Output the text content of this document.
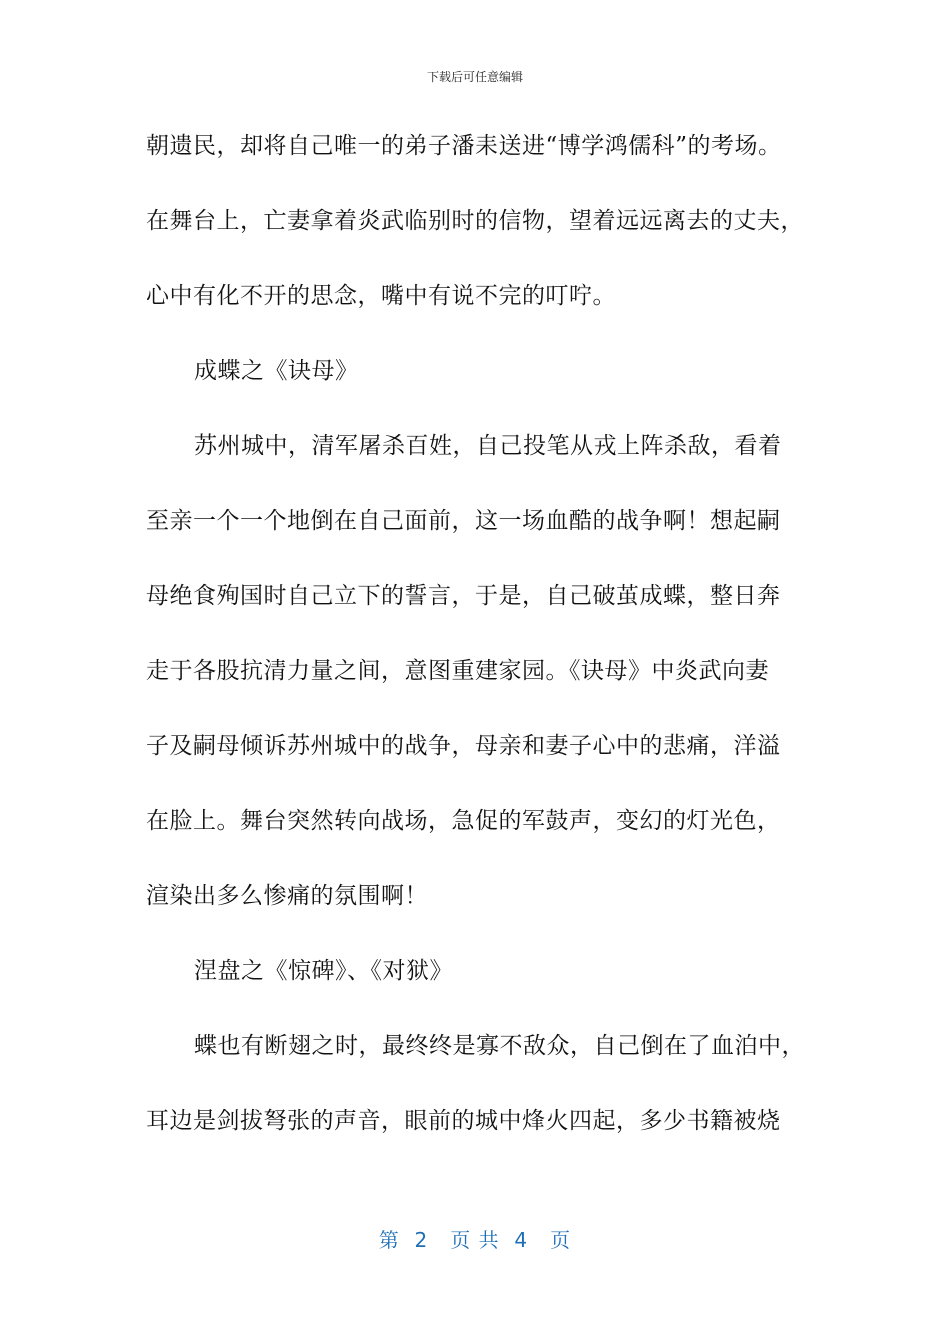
下载后可任意编辑
朝遗民，却将自己唯一的弟子潘耒送进“博学鸿儒科”的考场。
在舞台上，亡妻拿着炎武临别时的信物，望着远远离去的丈夫，
心中有化不开的思念，嘴中有说不完的叮咛。
成蝶之《诀母》
苏州城中，清军屠杀百姓，自己投笔从戎上阵杀敌，看着
至亲一个一个地倒在自己面前，这一场血酷的战争啊！想起嗣
母绝食殉国时自己立下的誓言，于是，自己破茧成蝶，整日奔
走于各股抗清力量之间，意图重建家园。《诀母》中炎武向妻
子及嗣母倾诉苏州城中的战争，母亲和妻子心中的悲痛，洋溢
在脸上。舞台突然转向战场，急促的军鼓声，变幻的灯光色，
渲染出多么惨痛的氛围啊！
涅盘之《惊碑》、《对狱》
蝶也有断翅之时，最终终是寡不敌众，自己倒在了血泊中，
耳边是剑拔弩张的声音，眼前的城中烽火四起，多少书籍被烧
第  2   页 共  4   页
